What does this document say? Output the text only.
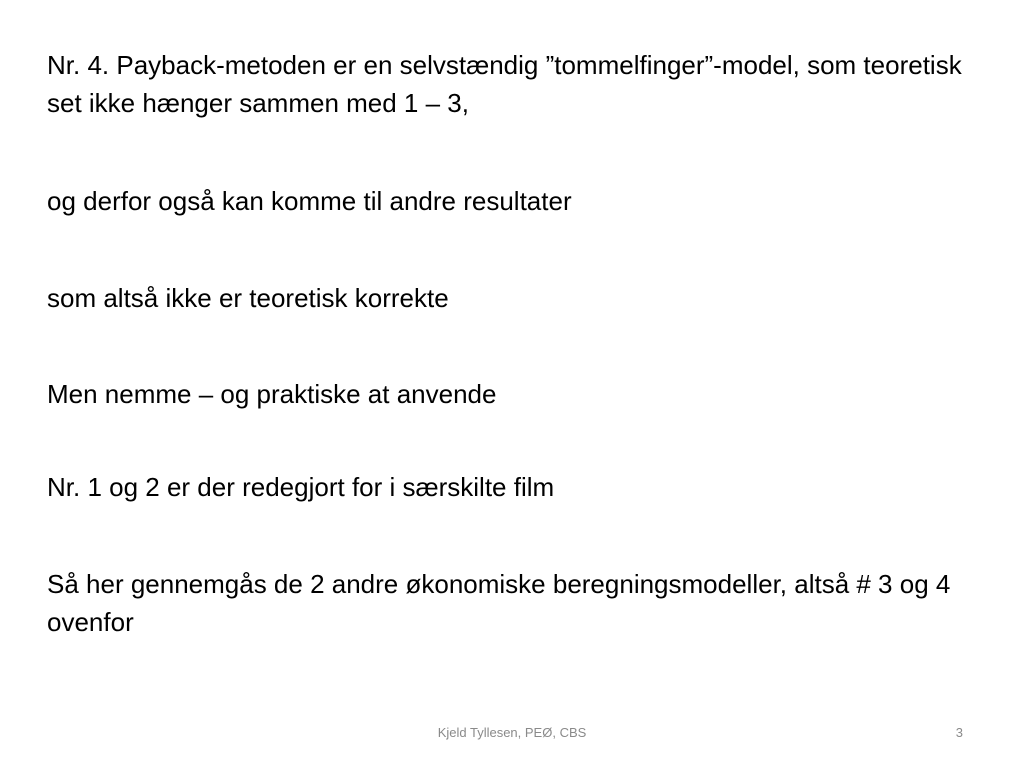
Nr. 4. Payback-metoden er en selvstændig ”tommelfinger”-model, som teoretisk set ikke hænger sammen med 1 – 3,

og derfor også kan komme til andre resultater

som altså ikke er teoretisk korrekte

Men nemme – og praktiske at anvende

Nr. 1 og 2 er der redegjort for i særskilte film

Så her gennemgås de 2 andre økonomiske beregningsmodeller, altså # 3 og 4 ovenfor

Kjeld Tyllesen, PEØ, CBS	3
